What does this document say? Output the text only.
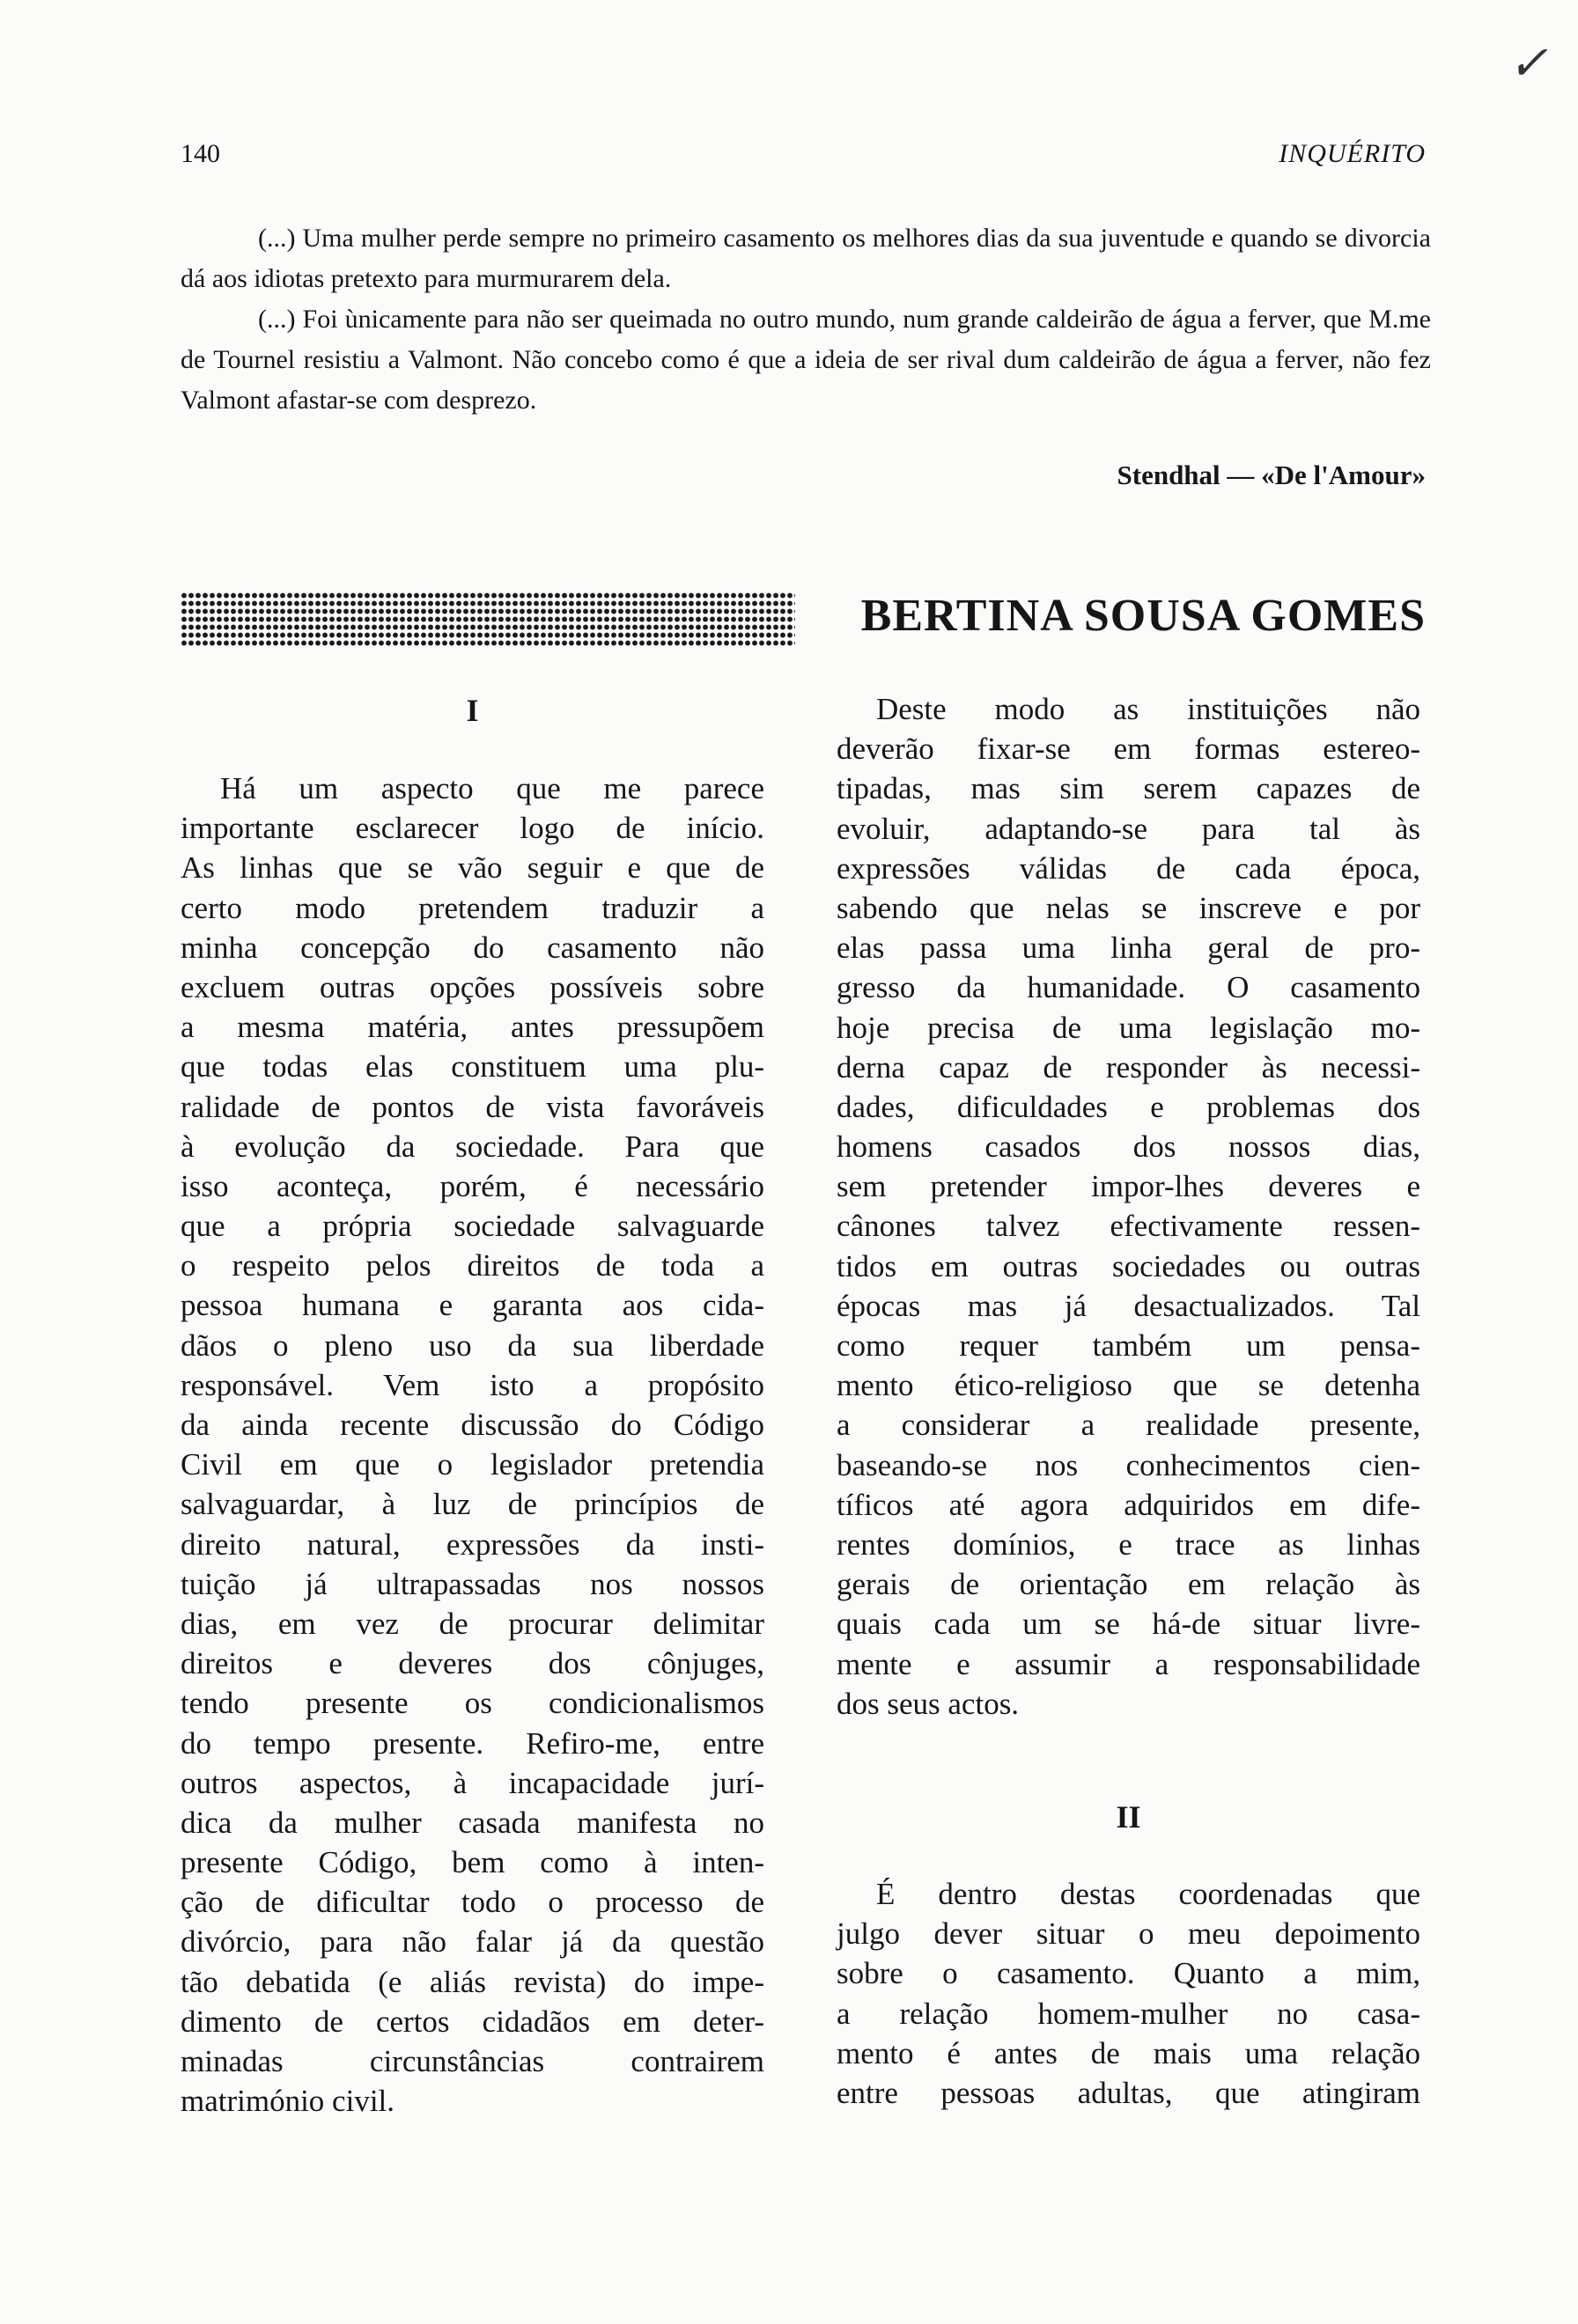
✓
140	INQUÉRITO
(...) Uma mulher perde sempre no primeiro casamento os melhores dias da sua juventude e quando se divorcia dá aos idiotas pretexto para murmurarem dela.
(...) Foi ùnicamente para não ser queimada no outro mundo, num grande caldeirão de água a ferver, que M.me de Tournel resistiu a Valmont. Não concebo como é que a ideia de ser rival dum caldeirão de água a ferver, não fez Valmont afastar-se com desprezo.
Stendhal — «De l'Amour»
BERTINA SOUSA GOMES
I
Há um aspecto que me parece
importante esclarecer logo de início.
As linhas que se vão seguir e que de
certo modo pretendem traduzir a
minha concepção do casamento não
excluem outras opções possíveis sobre
a mesma matéria, antes pressupõem
que todas elas constituem uma plu-
ralidade de pontos de vista favoráveis
à evolução da sociedade. Para que
isso aconteça, porém, é necessário
que a própria sociedade salvaguarde
o respeito pelos direitos de toda a
pessoa humana e garanta aos cida-
dãos o pleno uso da sua liberdade
responsável. Vem isto a propósito
da ainda recente discussão do Código
Civil em que o legislador pretendia
salvaguardar, à luz de princípios de
direito natural, expressões da insti-
tuição já ultrapassadas nos nossos
dias, em vez de procurar delimitar
direitos e deveres dos cônjuges,
tendo presente os condicionalismos
do tempo presente. Refiro-me, entre
outros aspectos, à incapacidade jurí-
dica da mulher casada manifesta no
presente Código, bem como à inten-
ção de dificultar todo o processo de
divórcio, para não falar já da questão
tão debatida (e aliás revista) do impe-
dimento de certos cidadãos em deter-
minadas circunstâncias contrairem
matrimónio civil.
Deste modo as instituições não
deverão fixar-se em formas estereo-
tipadas, mas sim serem capazes de
evoluir, adaptando-se para tal às
expressões válidas de cada época,
sabendo que nelas se inscreve e por
elas passa uma linha geral de pro-
gresso da humanidade. O casamento
hoje precisa de uma legislação mo-
derna capaz de responder às necessi-
dades, dificuldades e problemas dos
homens casados dos nossos dias,
sem pretender impor-lhes deveres e
cânones talvez efectivamente ressen-
tidos em outras sociedades ou outras
épocas mas já desactualizados. Tal
como requer também um pensa-
mento ético-religioso que se detenha
a considerar a realidade presente,
baseando-se nos conhecimentos cien-
tíficos até agora adquiridos em dife-
rentes domínios, e trace as linhas
gerais de orientação em relação às
quais cada um se há-de situar livre-
mente e assumir a responsabilidade
dos seus actos.
II
É dentro destas coordenadas que
julgo dever situar o meu depoimento
sobre o casamento. Quanto a mim,
a relação homem-mulher no casa-
mento é antes de mais uma relação
entre pessoas adultas, que atingiram
